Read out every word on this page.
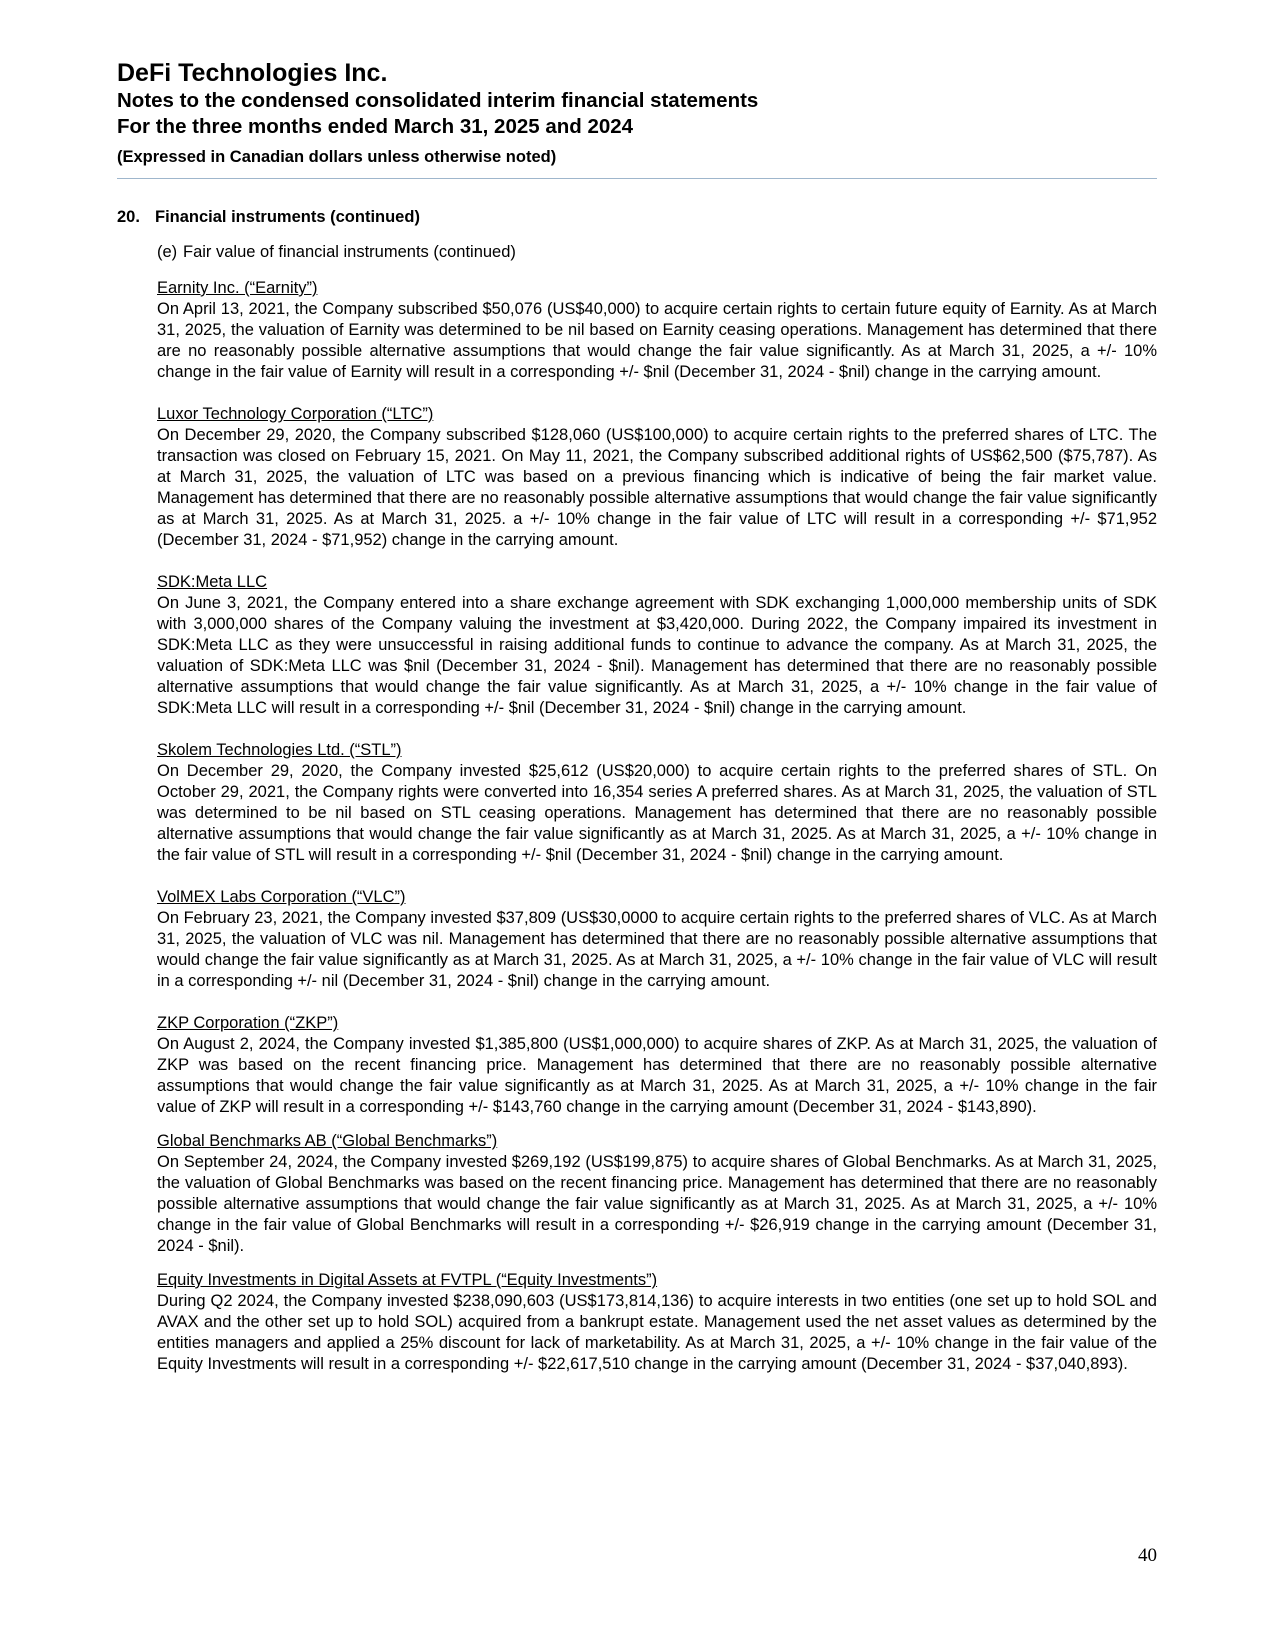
DeFi Technologies Inc.

Notes to the condensed consolidated interim financial statements

For the three months ended March 31, 2025 and 2024

(Expressed in Canadian dollars unless otherwise noted)

20. Financial instruments (continued)

(e) Fair value of financial instruments (continued)

Earnity Inc. (“Earnity”)

On April 13, 2021, the Company subscribed $50,076 (US$40,000) to acquire certain rights to certain future equity of Earnity. As at March 31, 2025, the valuation of Earnity was determined to be nil based on Earnity ceasing operations. Management has determined that there are no reasonably possible alternative assumptions that would change the fair value significantly. As at March 31, 2025, a +/- 10% change in the fair value of Earnity will result in a corresponding +/- $nil (December 31, 2024 - $nil) change in the carrying amount.

Luxor Technology Corporation (“LTC”)

On December 29, 2020, the Company subscribed $128,060 (US$100,000) to acquire certain rights to the preferred shares of LTC. The transaction was closed on February 15, 2021. On May 11, 2021, the Company subscribed additional rights of US$62,500 ($75,787). As at March 31, 2025, the valuation of LTC was based on a previous financing which is indicative of being the fair market value. Management has determined that there are no reasonably possible alternative assumptions that would change the fair value significantly as at March 31, 2025. As at March 31, 2025. a +/- 10% change in the fair value of LTC will result in a corresponding +/- $71,952 (December 31, 2024 - $71,952) change in the carrying amount.

SDK:Meta LLC

On June 3, 2021, the Company entered into a share exchange agreement with SDK exchanging 1,000,000 membership units of SDK with 3,000,000 shares of the Company valuing the investment at $3,420,000. During 2022, the Company impaired its investment in SDK:Meta LLC as they were unsuccessful in raising additional funds to continue to advance the company. As at March 31, 2025, the valuation of SDK:Meta LLC was $nil (December 31, 2024 - $nil). Management has determined that there are no reasonably possible alternative assumptions that would change the fair value significantly. As at March 31, 2025, a +/- 10% change in the fair value of SDK:Meta LLC will result in a corresponding +/- $nil (December 31, 2024 - $nil) change in the carrying amount.

Skolem Technologies Ltd. (“STL”)

On December 29, 2020, the Company invested $25,612 (US$20,000) to acquire certain rights to the preferred shares of STL. On October 29, 2021, the Company rights were converted into 16,354 series A preferred shares. As at March 31, 2025, the valuation of STL was determined to be nil based on STL ceasing operations. Management has determined that there are no reasonably possible alternative assumptions that would change the fair value significantly as at March 31, 2025. As at March 31, 2025, a +/- 10% change in the fair value of STL will result in a corresponding +/- $nil (December 31, 2024 - $nil) change in the carrying amount.

VolMEX Labs Corporation (“VLC”)

On February 23, 2021, the Company invested $37,809 (US$30,0000 to acquire certain rights to the preferred shares of VLC. As at March 31, 2025, the valuation of VLC was nil. Management has determined that there are no reasonably possible alternative assumptions that would change the fair value significantly as at March 31, 2025. As at March 31, 2025, a +/- 10% change in the fair value of VLC will result in a corresponding +/- nil (December 31, 2024 - $nil) change in the carrying amount.

ZKP Corporation (“ZKP”)

On August 2, 2024, the Company invested $1,385,800 (US$1,000,000) to acquire shares of ZKP. As at March 31, 2025, the valuation of ZKP was based on the recent financing price. Management has determined that there are no reasonably possible alternative assumptions that would change the fair value significantly as at March 31, 2025. As at March 31, 2025, a +/- 10% change in the fair value of ZKP will result in a corresponding +/- $143,760 change in the carrying amount (December 31, 2024 - $143,890).

Global Benchmarks AB (“Global Benchmarks”)

On September 24, 2024, the Company invested $269,192 (US$199,875) to acquire shares of Global Benchmarks. As at March 31, 2025, the valuation of Global Benchmarks was based on the recent financing price. Management has determined that there are no reasonably possible alternative assumptions that would change the fair value significantly as at March 31, 2025. As at March 31, 2025, a +/- 10% change in the fair value of Global Benchmarks will result in a corresponding +/- $26,919 change in the carrying amount (December 31, 2024 - $nil).

Equity Investments in Digital Assets at FVTPL (“Equity Investments”)

During Q2 2024, the Company invested $238,090,603 (US$173,814,136) to acquire interests in two entities (one set up to hold SOL and AVAX and the other set up to hold SOL) acquired from a bankrupt estate. Management used the net asset values as determined by the entities managers and applied a 25% discount for lack of marketability. As at March 31, 2025, a +/- 10% change in the fair value of the Equity Investments will result in a corresponding +/- $22,617,510 change in the carrying amount (December 31, 2024 - $37,040,893).

40
